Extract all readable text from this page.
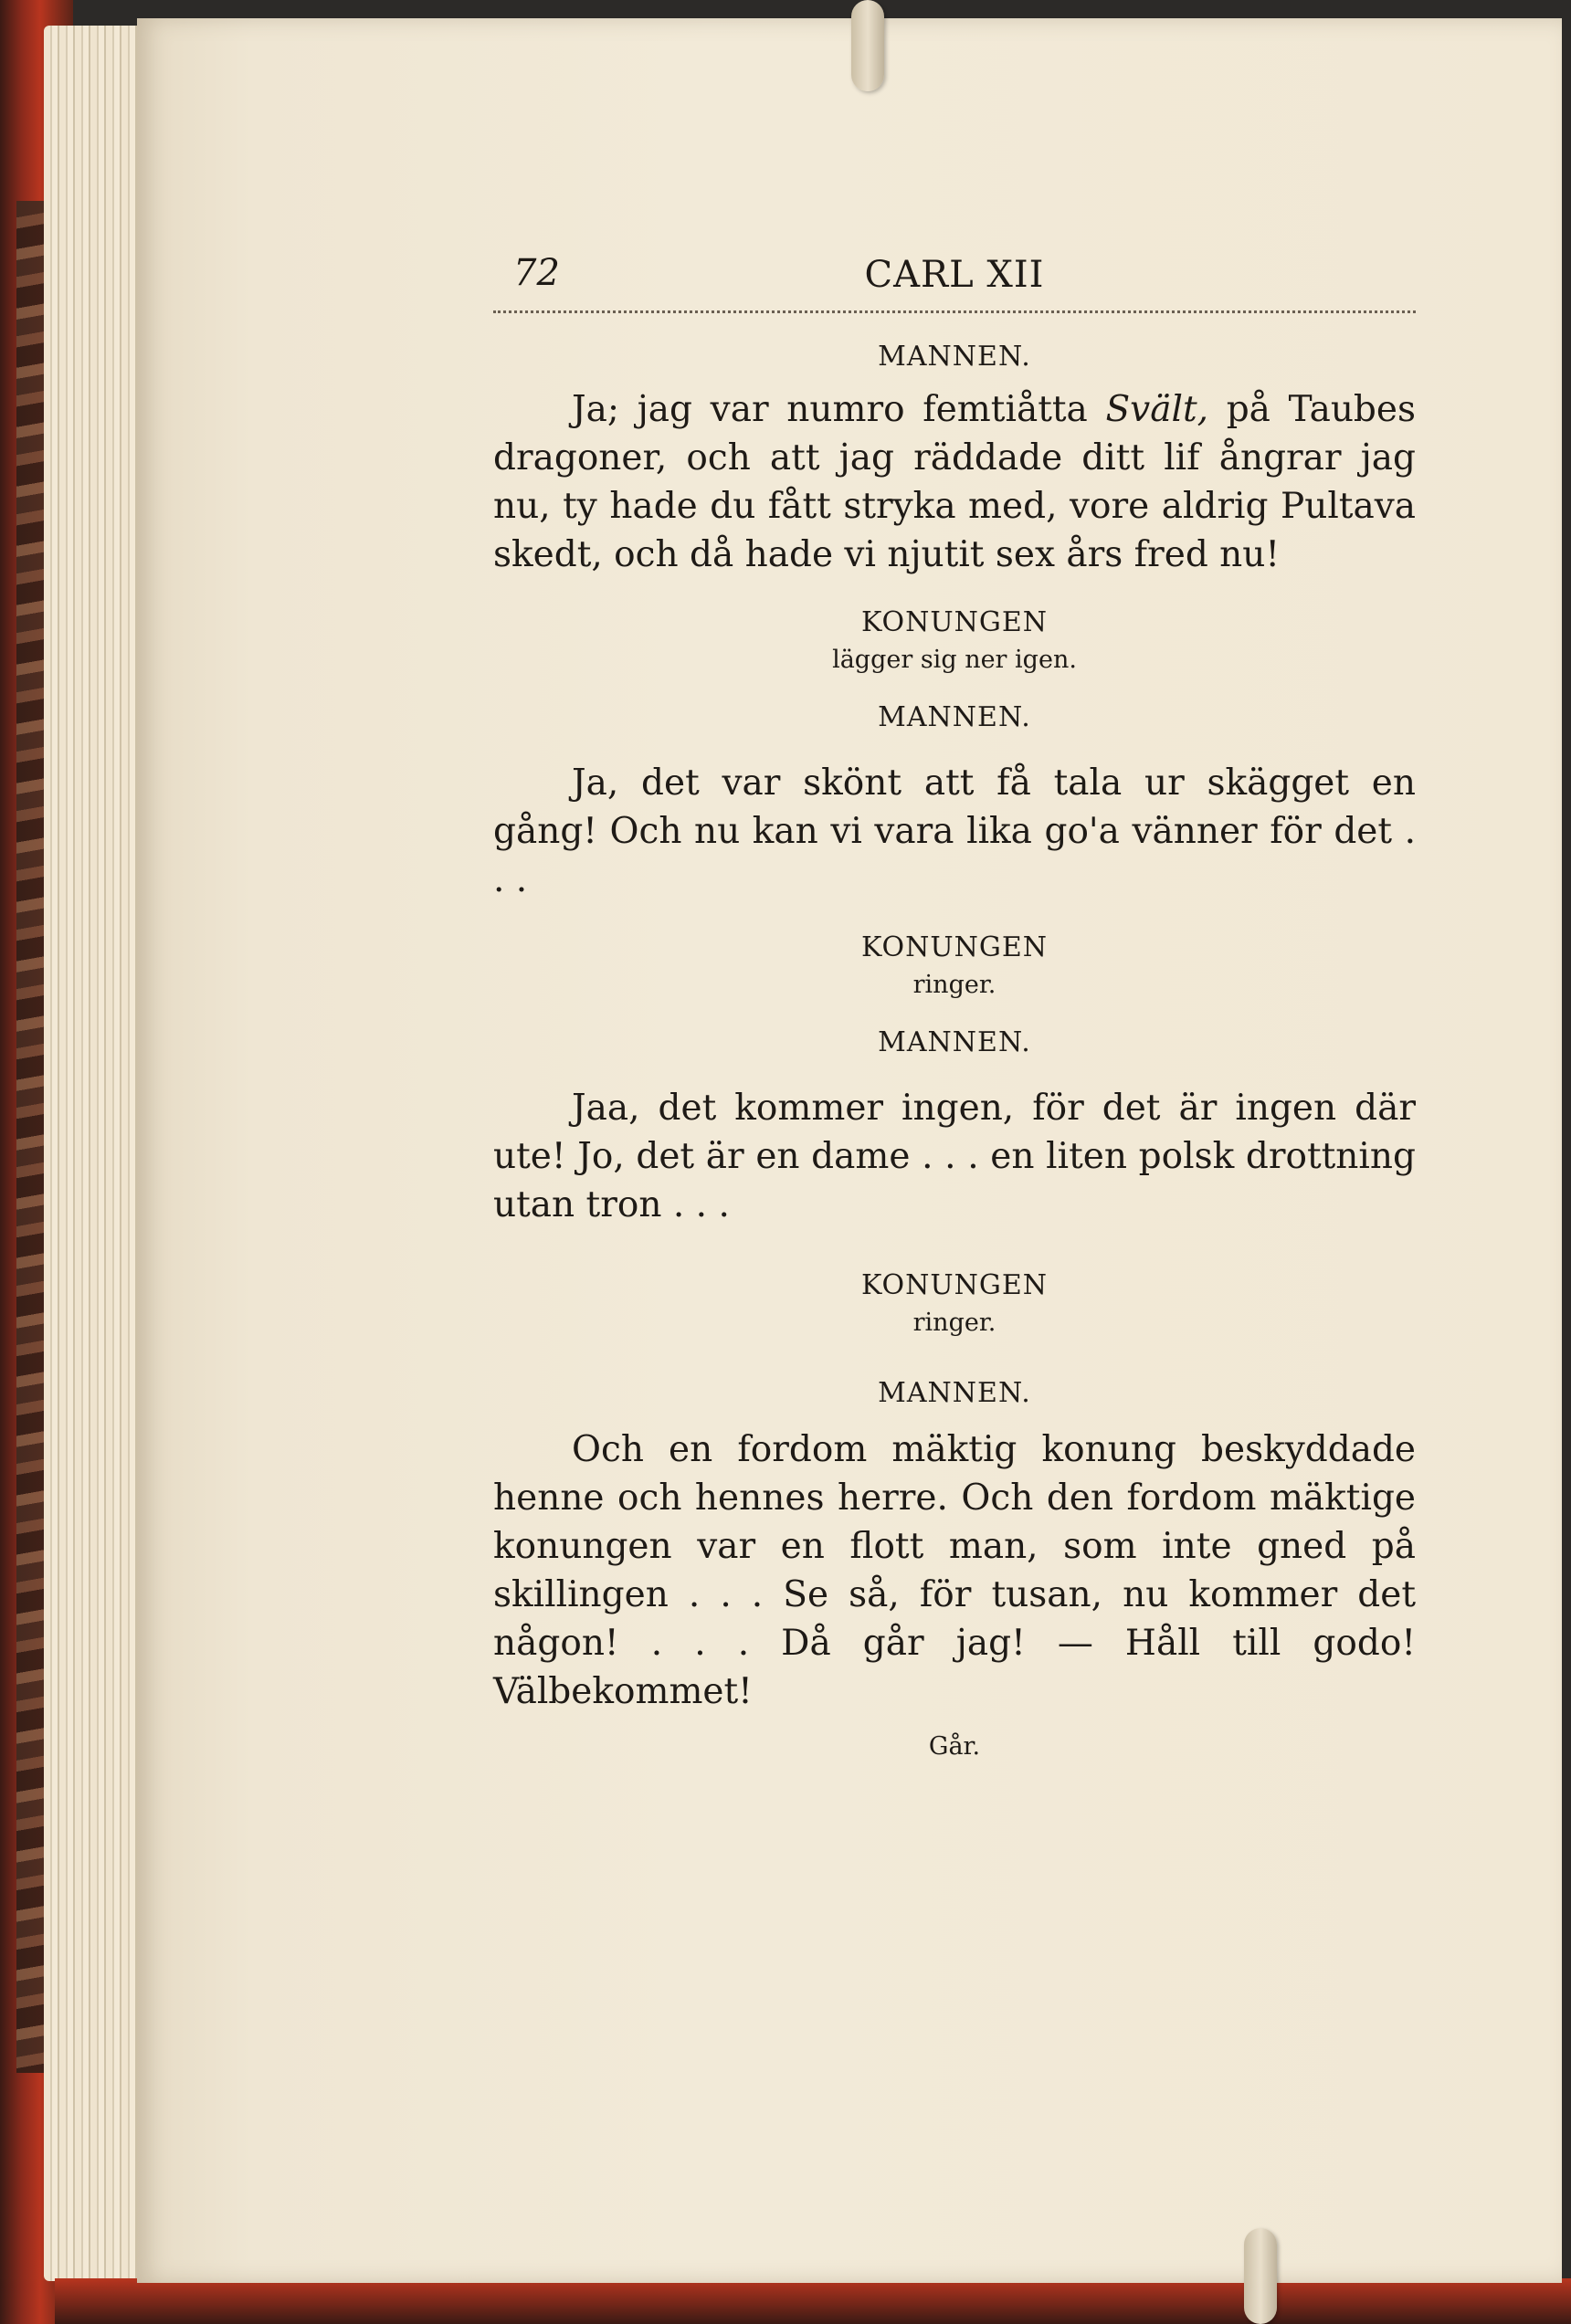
72	CARL XII

MANNEN.

Ja; jag var numro femtiåtta Svält, på Taubes dragoner, och att jag räddade ditt lif ångrar jag nu, ty hade du fått stryka med, vore aldrig Pultava skedt, och då hade vi njutit sex års fred nu!

KONUNGEN

lägger sig ner igen.

MANNEN.

Ja, det var skönt att få tala ur skägget en gång! Och nu kan vi vara lika go'a vänner för det . . .

KONUNGEN

ringer.

MANNEN.

Jaa, det kommer ingen, för det är ingen där ute! Jo, det är en dame . . . en liten polsk drottning utan tron . . .

KONUNGEN

ringer.

MANNEN.

Och en fordom mäktig konung beskyddade henne och hennes herre. Och den fordom mäktige konungen var en flott man, som inte gned på skillingen . . . Se så, för tusan, nu kommer det någon! . . . Då går jag! — Håll till godo! Välbekommet!

Går.
